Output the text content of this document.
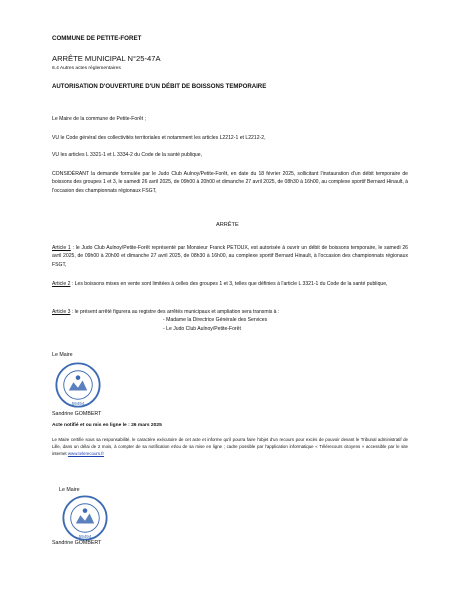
COMMUNE DE PETITE-FORET
ARRÊTE MUNICIPAL N°25-47A
6.4 Autres actes réglementaires
AUTORISATION D'OUVERTURE D'UN DÉBIT DE BOISSONS TEMPORAIRE
Le Maire de la commune de Petite-Forêt ;
VU le Code général des collectivités territoriales et notamment les articles L2212-1 et L2212-2,
VU les articles L 3321-1 et L 3334-2 du Code de la santé publique,
CONSIDÉRANT la demande formulée par le Judo Club Aulnoy/Petite-Forêt, en date du 18 février 2025, sollicitant l'instauration d'un débit temporaire de boissons des groupes 1 et 3, le samedi 26 avril 2025, de 09h00 à 20h00 et dimanche 27 avril 2025, de 08h30 à 16h00, au complexe sportif Bernard Hinault, à l'occasion des championnats régionaux FSGT,
ARRÊTE
Article 1 : le Judo Club Aulnoy/Petite-Forêt représenté par Monsieur Franck PETOUX, est autorisée à ouvrir un débit de boissons temporaire, le samedi 26 avril 2025, de 09h00 à 20h00 et dimanche 27 avril 2025, de 08h30 à 16h00, au complexe sportif Bernard Hinault, à l'occasion des championnats régionaux FSGT,
Article 2 : Les boissons mises en vente sont limitées à celles des groupes 1 et 3, telles que définies à l'article L 3321-1 du Code de la santé publique,
Article 3 : le présent arrêté figurera au registre des arrêtés municipaux et ampliation sera transmis à :
- Madame la Directrice Générale des Services
- Le Judo Club Aulnoy/Petite-Forêt
Le Maire
59494
Sandrine GOMBERT
Acte notifié et ou mis en ligne le : 26 mars 2025
Le Maire certifie sous sa responsabilité, le caractère exécutoire de cet acte et informe qu'il pourra faire l'objet d'un recours pour excès de pouvoir devant le Tribunal administratif de Lille, dans un délai de 2 mois, à compter de sa notification et/ou de sa mise en ligne ; cadre possible par l'application informatique « Télérecours citoyens » accessible par le site internet www.telerecours.fr
Le Maire
59494
Sandrine GOMBERT
